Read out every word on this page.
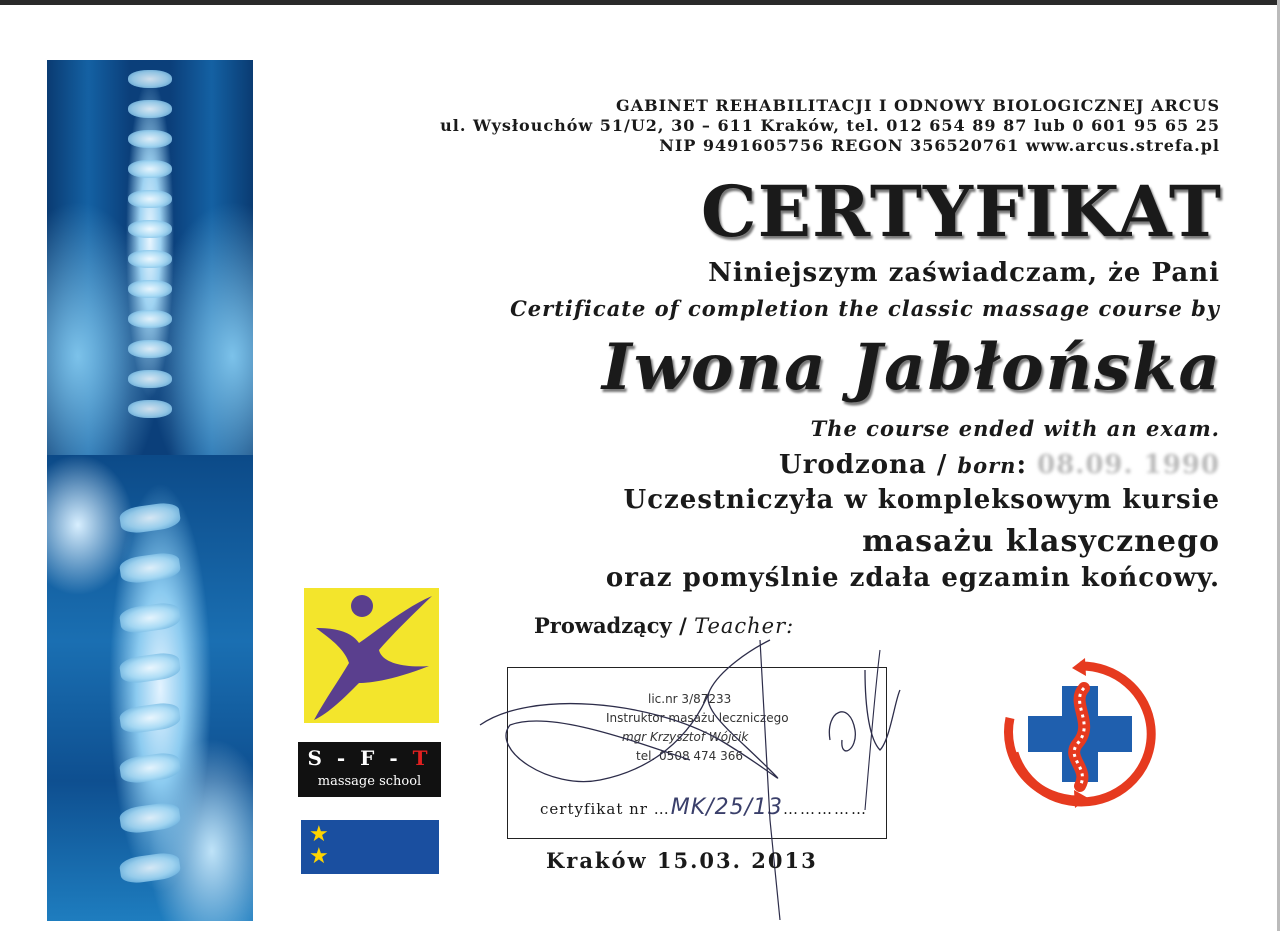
GABINET REHABILITACJI I ODNOWY BIOLOGICZNEJ ARCUS
ul. Wysłouchów 51/U2, 30 – 611 Kraków, tel. 012 654 89 87 lub 0 601 95 65 25
NIP 9491605756 REGON 356520761 www.arcus.strefa.pl
CERTYFIKAT
Niniejszym zaświadczam, że Pani
Certificate of completion the classic massage course by
Iwona Jabłońska
The course ended with an exam.
Urodzona / born: 08.09. 1990
Uczestniczyła w kompleksowym kursie
masażu klasycznego
oraz pomyślnie zdała egzamin końcowy.
Prowadzący / Teacher:
lic.nr 3/87233
Instruktor masażu leczniczego
mgr Krzysztof Wójcik
tel. 0508 474 366
certyfikat nr …MK/25/13……………
Kraków 15.03. 2013
S - F - T
massage school
★
★
